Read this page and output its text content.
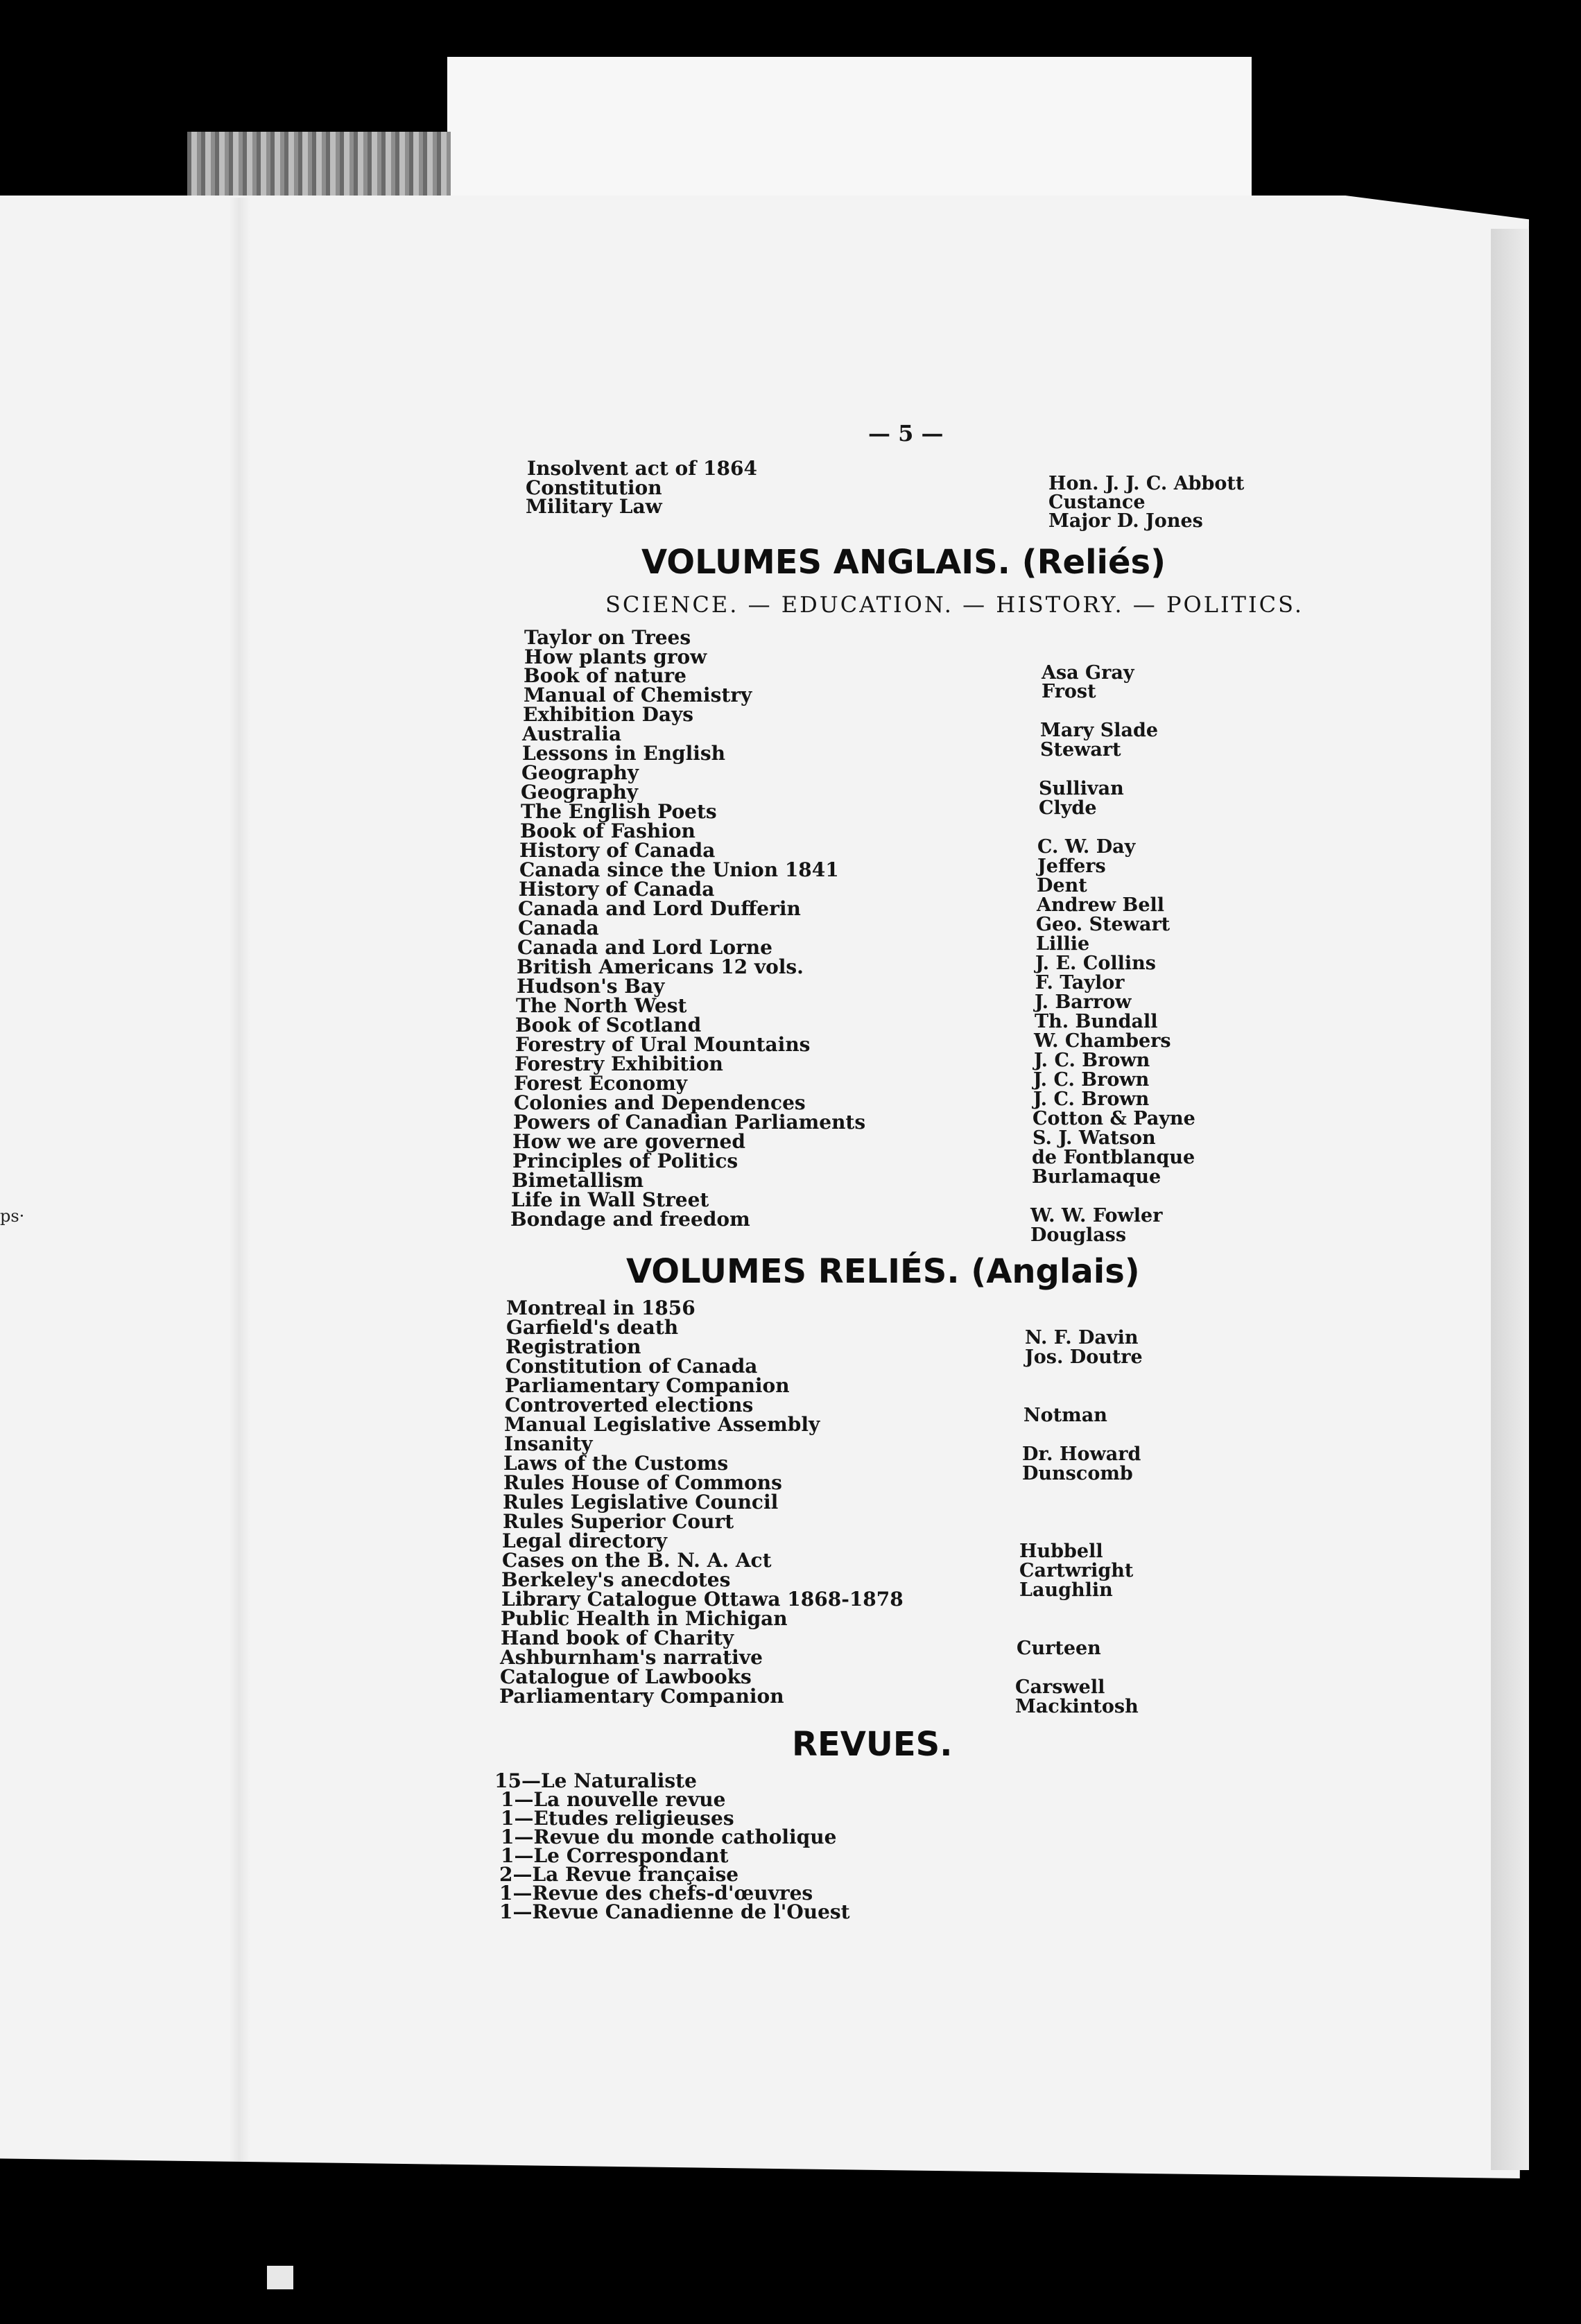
ps·
— 5 —
Insolvent act of 1864
Constitution
Military Law
Hon. J. J. C. Abbott
Custance
Major D. Jones
VOLUMES ANGLAIS. (Reliés)
SCIENCE. — EDUCATION. — HISTORY. — POLITICS.
Taylor on Trees
How plants grow
Book of nature
Manual of Chemistry
Exhibition Days
Australia
Lessons in English
Geography
Geography
The English Poets
Book of Fashion
History of Canada
Canada since the Union 1841
History of Canada
Canada and Lord Dufferin
Canada
Canada and Lord Lorne
British Americans 12 vols.
Hudson's Bay
The North West
Book of Scotland
Forestry of Ural Mountains
Forestry Exhibition
Forest Economy
Colonies and Dependences
Powers of Canadian Parliaments
How we are governed
Principles of Politics
Bimetallism
Life in Wall Street
Bondage and freedom
Asa Gray
Frost
Mary Slade
Stewart
Sullivan
Clyde
C. W. Day
Jeffers
Dent
Andrew Bell
Geo. Stewart
Lillie
J. E. Collins
F. Taylor
J. Barrow
Th. Bundall
W. Chambers
J. C. Brown
J. C. Brown
J. C. Brown
Cotton & Payne
S. J. Watson
de Fontblanque
Burlamaque
W. W. Fowler
Douglass
VOLUMES RELIÉS. (Anglais)
Montreal in 1856
Garfield's death
Registration
Constitution of Canada
Parliamentary Companion
Controverted elections
Manual Legislative Assembly
Insanity
Laws of the Customs
Rules House of Commons
Rules Legislative Council
Rules Superior Court
Legal directory
Cases on the B. N. A. Act
Berkeley's anecdotes
Library Catalogue Ottawa 1868-1878
Public Health in Michigan
Hand book of Charity
Ashburnham's narrative
Catalogue of Lawbooks
Parliamentary Companion
N. F. Davin
Jos. Doutre
Notman
Dr. Howard
Dunscomb
Hubbell
Cartwright
Laughlin
Curteen
Carswell
Mackintosh
REVUES.
15—Le Naturaliste
1—La nouvelle revue
1—Etudes religieuses
1—Revue du monde catholique
1—Le Correspondant
2—La Revue française
1—Revue des chefs-d'œuvres
1—Revue Canadienne de l'Ouest
